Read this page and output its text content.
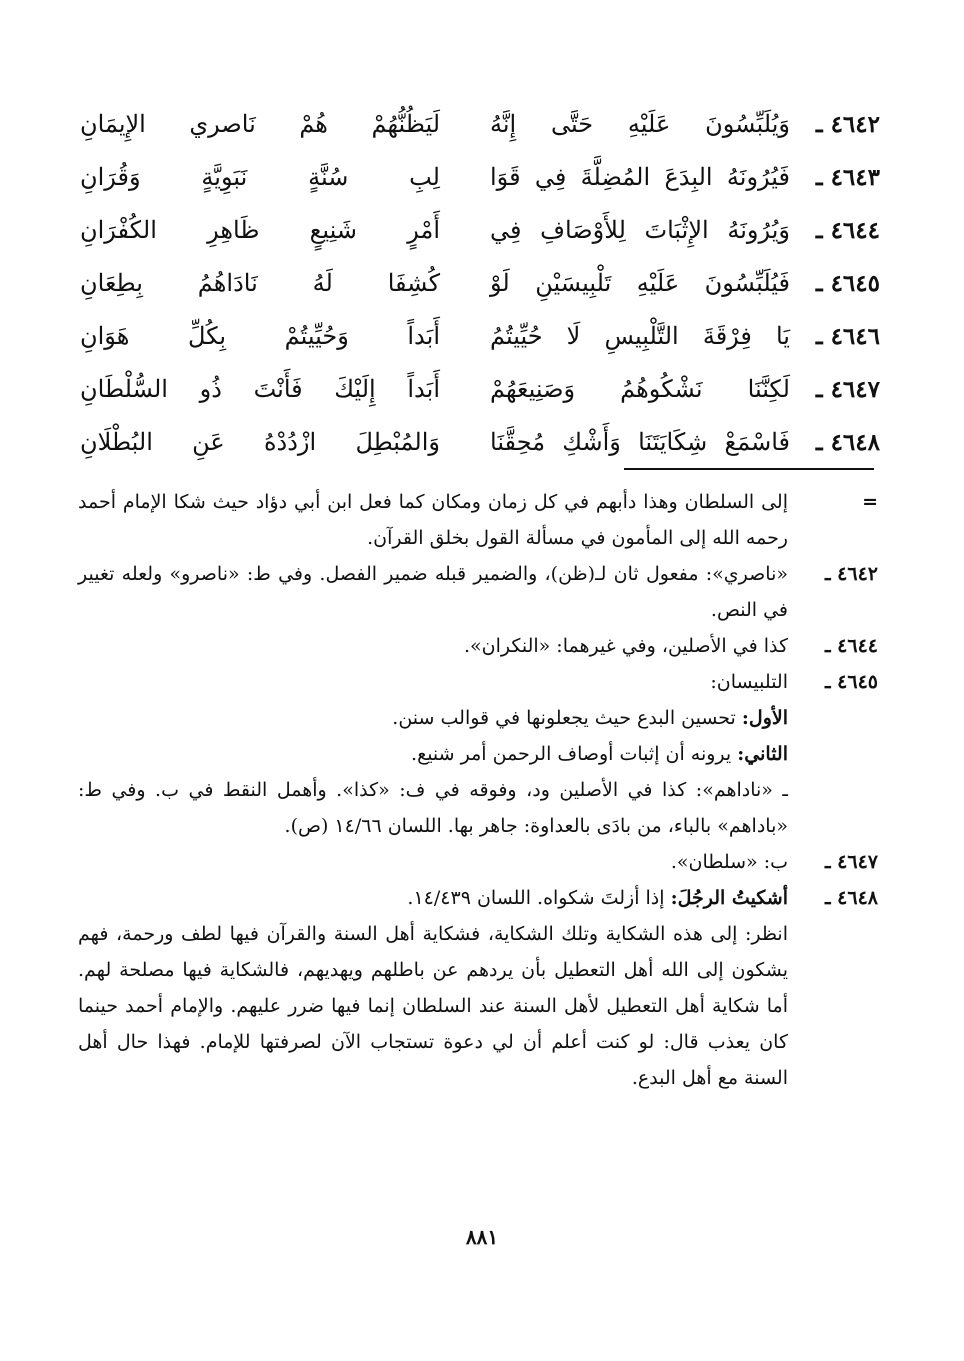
٤٦٤٢ ـ
وَيُلَبِّسُونَ عَلَيْهِ حَتَّى إِنَّهُ
لَيَظُنُّهُمْ هُمْ نَاصري الإِيمَانِ
٤٦٤٣ ـ
فَيُرُونَهُ البِدَعَ المُضِلَّةَ فِي قَوَا
لِبِ سُنَّةٍ نَبَوِيَّةٍ وَقُرَانِ
٤٦٤٤ ـ
وَيُرُونَهُ الإِثْبَاتَ لِلأَوْصَافِ فِي
أَمْرٍ شَنِيعٍ ظَاهِرِ الكُفْرَانِ
٤٦٤٥ ـ
فَيُلَبِّسُونَ عَلَيْهِ تَلْبِيسَيْنِ لَوْ
كُشِفَا لَهُ نَادَاهُمُ بِطِعَانِ
٤٦٤٦ ـ
يَا فِرْقَةَ التَّلْبِيسِ لَا حُيِّيتُمُ
أَبَداً وَحُيِّيتُمْ بِكُلِّ هَوَانِ
٤٦٤٧ ـ
لَكِنَّنَا نَشْكُوهُمُ وَصَنِيعَهُمْ
أَبَداً إِلَيْكَ فَأَنْتَ ذُو السُّلْطَانِ
٤٦٤٨ ـ
فَاسْمَعْ شِكَايَتَنَا وَأَشْكِ مُحِقَّنَا
وَالمُبْطِلَ ازْدُدْهُ عَنِ البُطْلَانِ
=

إلى السلطان وهذا دأبهم في كل زمان ومكان كما فعل ابن أبي دؤاد حيث شكا الإمام أحمد رحمه الله إلى المأمون في مسألة القول بخلق القرآن.

٤٦٤٢ ـ

«ناصري»: مفعول ثان لـ(ظن)، والضمير قبله ضمير الفصل. وفي ط: «ناصرو» ولعله تغيير في النص.

٤٦٤٤ ـ

كذا في الأصلين، وفي غيرهما: «النكران».

٤٦٤٥ ـ

التلبيسان:

الأول: تحسين البدع حيث يجعلونها في قوالب سنن.

الثاني: يرونه أن إثبات أوصاف الرحمن أمر شنيع.

ـ «ناداهم»: كذا في الأصلين ود، وفوقه في ف: «كذا». وأهمل النقط في ب. وفي ط: «باداهم» بالباء، من بادَى بالعداوة: جاهر بها. اللسان ١٤/٦٦ (ص).

٤٦٤٧ ـ

ب: «سلطان».

٤٦٤٨ ـ

أشكيتُ الرجُلَ: إذا أزلتَ شكواه. اللسان ١٤/٤٣٩.

انظر: إلى هذه الشكاية وتلك الشكاية، فشكاية أهل السنة والقرآن فيها لطف ورحمة، فهم يشكون إلى الله أهل التعطيل بأن يردهم عن باطلهم ويهديهم، فالشكاية فيها مصلحة لهم. أما شكاية أهل التعطيل لأهل السنة عند السلطان إنما فيها ضرر عليهم. والإمام أحمد حينما كان يعذب قال: لو كنت أعلم أن لي دعوة تستجاب الآن لصرفتها للإمام. فهذا حال أهل السنة مع أهل البدع.

٨٨١
